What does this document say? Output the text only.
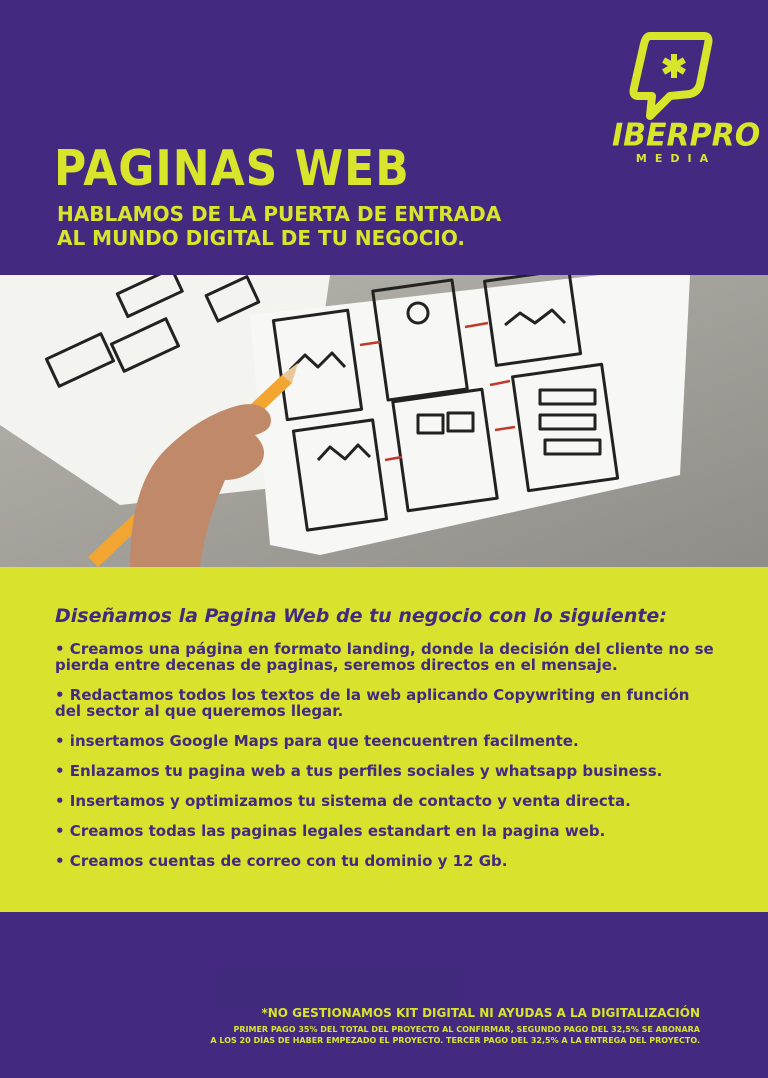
PAGINAS WEB
HABLAMOS DE LA PUERTA DE ENTRADA
AL MUNDO DIGITAL DE TU NEGOCIO.
IBERPRO
MEDIA
Diseñamos la Pagina Web de tu negocio con lo siguiente:
• Creamos una página en formato landing, donde la decisión del cliente no se pierda entre decenas de paginas, seremos directos en el mensaje.
• Redactamos todos los textos de la web aplicando Copywriting en función del sector al que queremos llegar.
• insertamos Google Maps para que teencuentren facilmente.
• Enlazamos tu pagina web a tus perfiles sociales y whatsapp business.
• Insertamos y optimizamos tu sistema de contacto y venta directa.
• Creamos todas las paginas legales estandart en la pagina web.
• Creamos cuentas de correo con tu dominio y 12 Gb.
*NO GESTIONAMOS KIT DIGITAL NI AYUDAS A LA DIGITALIZACIÓN
PRIMER PAGO 35% DEL TOTAL DEL PROYECTO AL CONFIRMAR, SEGUNDO PAGO DEL 32,5% SE ABONARA
A LOS 20 DÍAS DE HABER EMPEZADO EL PROYECTO. TERCER PAGO DEL 32,5% A LA ENTREGA DEL PROYECTO.
